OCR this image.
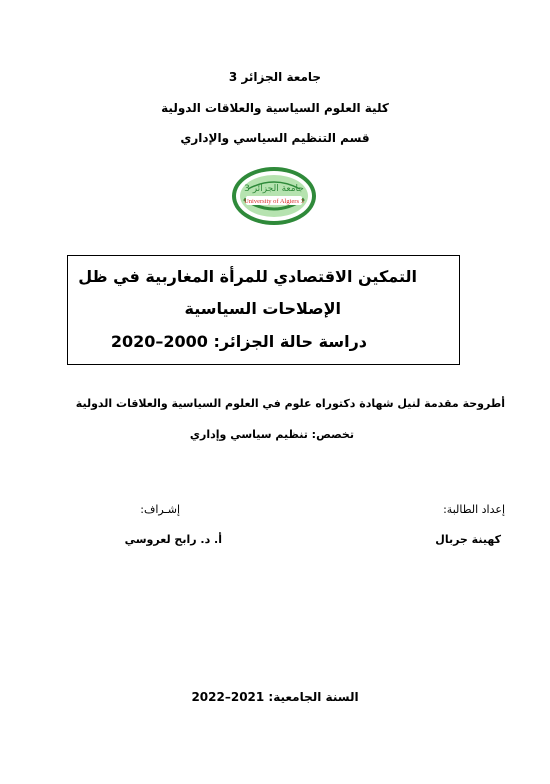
جامعة الجزائر 3
كلية العلوم السياسية والعلاقات الدولية
قسم التنظيم السياسي والإداري
جامعة الجزائر 3
University of Algiers 3
التمكين الاقتصادي للمرأة المغاربية في ظل
الإصلاحات السياسية
دراسة حالة الجزائر: 2000–2020
أطروحة مقدمة لنيل شهادة دكتوراه علوم في العلوم السياسية والعلاقات الدولية
تخصص: تنظيم سياسي وإداري
إعداد الطالبة:
كهينة جربال
إشـراف:
أ. د. رابح لعروسي
السنة الجامعية: 2021–2022
